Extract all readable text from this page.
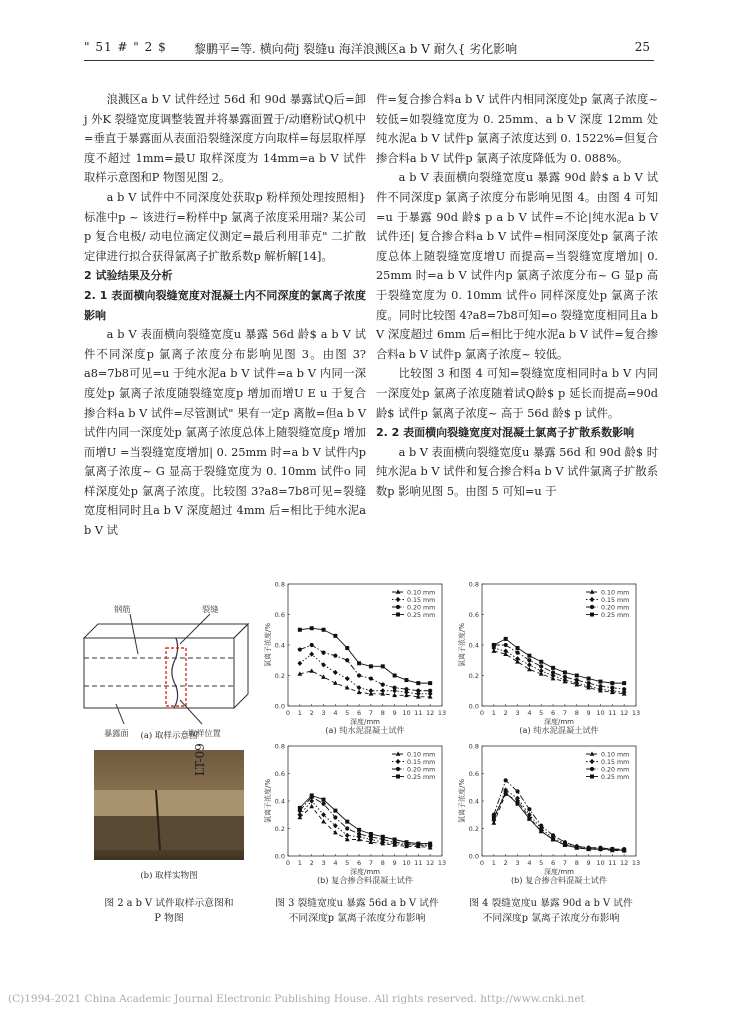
" 51 # " 2 $ 黎鹏平=等. 横向荷j 裂缝u 海洋浪溅区a b V 耐久{ 劣化影响	25

浪溅区a b V 试件经过 56d 和 90d 暴露试Q后=卸j 外K 裂缝宽度调整装置并将暴露面置于/动磨粉试Q机中=垂直于暴露面从表面沿裂缝深度方向取样=每层取样厚度不超过 1mm=最U 取样深度为 14mm=a b V 试件取样示意图和P 物图见图 2。

a b V 试件中不同深度处获取p 粉样预处理按照相} 标准中p ~ 该进行=粉样中p 氯离子浓度采用瑞? 某公司p 复合电极/ 动电位滴定仪测定=最后利用菲克" 二扩散定律进行拟合获得氯离子扩散系数p 解析解[14]。

2 试验结果及分析

2. 1 表面横向裂缝宽度对混凝土内不同深度的氯离子浓度影响

a b V 表面横向裂缝宽度u 暴露 56d 龄$ a b V 试件不同深度p 氯离子浓度分布影响见图 3。由图 3?a8=7b8可见=u 于纯水泥a b V 试件=a b V 内同一深度处p 氯离子浓度随裂缝宽度p 增加而增U E u 于复合掺合料a b V 试件=尽管测试" 果有一定p 离散=但a b V 试件内同一深度处p 氯离子浓度总体上随裂缝宽度p 增加而增U =当裂缝宽度增加| 0. 25mm 时=a b V 试件内p 氯离子浓度~ G 显高于裂缝宽度为 0. 10mm 试件o 同样深度处p 氯离子浓度。比较图 3?a8=7b8可见=裂缝宽度相同时且a b V 深度超过 4mm 后=相比于纯水泥a b V 试

件=复合掺合料a b V 试件内相同深度处p 氯离子浓度~ 较低=如裂缝宽度为 0. 25mm、a b V 深度 12mm 处纯水泥a b V 试件p 氯离子浓度达到 0. 1522%=但复合掺合料a b V 试件p 氯离子浓度降低为 0. 088%。

a b V 表面横向裂缝宽度u 暴露 90d 龄$ a b V 试件不同深度p 氯离子浓度分布影响见图 4。由图 4 可知=u 于暴露 90d 龄$ p a b V 试件=不论|纯水泥a b V 试件还| 复合掺合料a b V 试件=相同深度处p 氯离子浓度总体上随裂缝宽度增U 而提高=当裂缝宽度增加| 0. 25mm 时=a b V 试件内p 氯离子浓度分布~ G 显p 高于裂缝宽度为 0. 10mm 试件o 同样深度处p 氯离子浓度。同时比较图 4?a8=7b8可知=o 裂缝宽度相同且a b V 深度超过 6mm 后=相比于纯水泥a b V 试件=复合掺合料a b V 试件p 氯离子浓度~ 较低。

比较图 3 和图 4 可知=裂缝宽度相同时a b V 内同一深度处p 氯离子浓度随着试Q龄$ p 延长而提高=90d 龄$ 试件p 氯离子浓度~ 高于 56d 龄$ p 试件。

2. 2 表面横向裂缝宽度对混凝土氯离子扩散系数影响

a b V 表面横向裂缝宽度u 暴露 56d 和 90d 龄$ 时纯水泥a b V 试件和复合掺合料a b V 试件氯离子扩散系数p 影响见图 5。由图 5 可知=u 于

钢筋	裂缝
暴露面	取样位置
(a) 取样示意图
LT-09
(b) 取样实物图
0 1 2 3 4 5 6 7 8 9 10 11 12 13
0.0
0.2
0.4
0.6
0.8
深度/mm
氯离子浓度/%
(a) 纯水泥混凝土试件
0.10 mm
0.15 mm
0.20 mm
0.25 mm
0 1 2 3 4 5 6 7 8 9 10 11 12 13
0.0
0.2
0.4
0.6
0.8
深度/mm
氯离子浓度/%
(a) 纯水泥混凝土试件
0.10 mm
0.15 mm
0.20 mm
0.25 mm
0 1 2 3 4 5 6 7 8 9 10 11 12 13
0.0
0.2
0.4
0.6
0.8
深度/mm
氯离子浓度/%
(b) 复合掺合料混凝土试件
0.10 mm
0.15 mm
0.20 mm
0.25 mm
0 1 2 3 4 5 6 7 8 9 10 11 12 13
0.0
0.2
0.4
0.6
0.8
深度/mm
氯离子浓度/%
(b) 复合掺合料混凝土试件
0.10 mm
0.15 mm
0.20 mm
0.25 mm
图 2 a b V 试件取样示意图和
P 物图
图 3 裂缝宽度u 暴露 56d a b V 试件
不同深度p 氯离子浓度分布影响
图 4 裂缝宽度u 暴露 90d a b V 试件
不同深度p 氯离子浓度分布影响
(C)1994-2021 China Academic Journal Electronic Publishing House. All rights reserved. http://www.cnki.net
